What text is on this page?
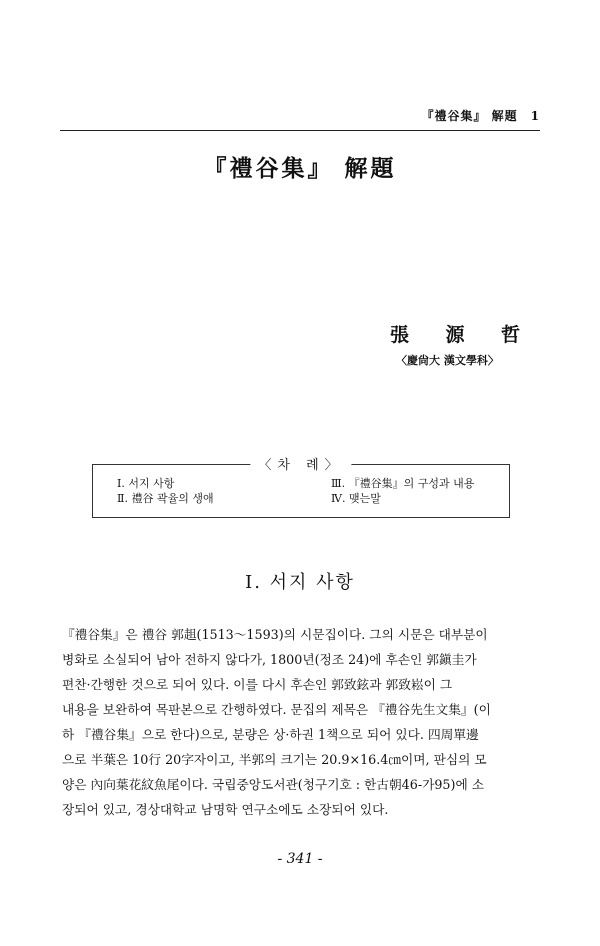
『禮谷集』 解題　1
『禮谷集』 解題
張 源 哲
〈慶尙大 漢文學科〉
〈차 례〉
Ⅰ. 서지 사항
Ⅱ. 禮谷 곽율의 생애
Ⅲ. 『禮谷集』의 구성과 내용
Ⅳ. 맺는말
Ⅰ. 서지 사항
『禮谷集』은 禮谷 郭趄(1513～1593)의 시문집이다. 그의 시문은 대부분이
병화로 소실되어 남아 전하지 않다가, 1800년(정조 24)에 후손인 郭鎭圭가
편찬·간행한 것으로 되어 있다. 이를 다시 후손인 郭致鉉과 郭致崧이 그
내용을 보완하여 목판본으로 간행하였다. 문집의 제목은 『禮谷先生文集』(이
하 『禮谷集』으로 한다)으로, 분량은 상·하권 1책으로 되어 있다. 四周單邊
으로 半葉은 10行 20字자이고, 半郭의 크기는 20.9×16.4㎝이며, 판심의 모
양은 內向葉花紋魚尾이다. 국립중앙도서관(청구기호 : 한古朝46-가95)에 소
장되어 있고, 경상대학교 남명학 연구소에도 소장되어 있다.
- 341 -
